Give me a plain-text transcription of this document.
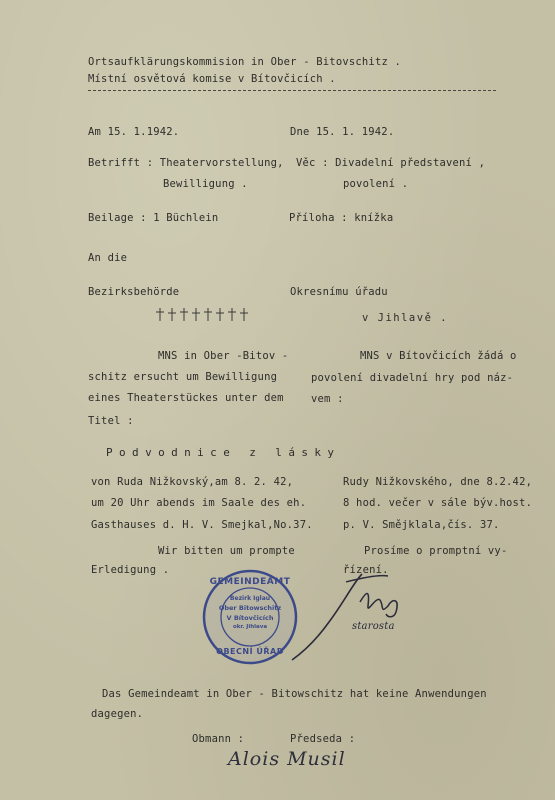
Ortsaufklärungskommision in Ober - Bitovschitz .
Místní osvětová komise v Bítovčicích .

Am 15. 1.1942.	Dne 15. 1. 1942.
Betrifft : Theatervorstellung,
Bewilligung .
Věc : Divadelní představení ,
povolení .
Beilage : 1 Büchlein	Příloha : knížka
An die
Bezirksbehörde	Okresnímu úřadu
v Jihlavě .
MNS in Ober -Bitov -
schitz ersucht um Bewilligung
eines Theaterstückes unter dem
Titel :
MNS v Bítovčicích žádá o
povolení divadelní hry pod náz-
vem :
Podvodnice z lásky
von Ruda Nižkovský,am 8. 2. 42,
um 20 Uhr abends im Saale des eh.
Gasthauses d. H. V. Smejkal,No.37.
Rudy Nižkovského, dne 8.2.42,
8 hod. večer v sále býv.host.
p. V. Smějklala,čís. 37.
Wir bitten um prompte
Erledigung .
Prosíme o promptní vy-
řízení.
GEMEINDEAMT
Bezirk Iglau
Ober Bitowschitz
V Bítovčicích
okr. Jihlava
OBECNÍ ÚŘAD
starosta
Das Gemeindeamt in Ober - Bitowschitz hat keine Anwendungen
dagegen.
Obmann :	Předseda :
Alois Musil
